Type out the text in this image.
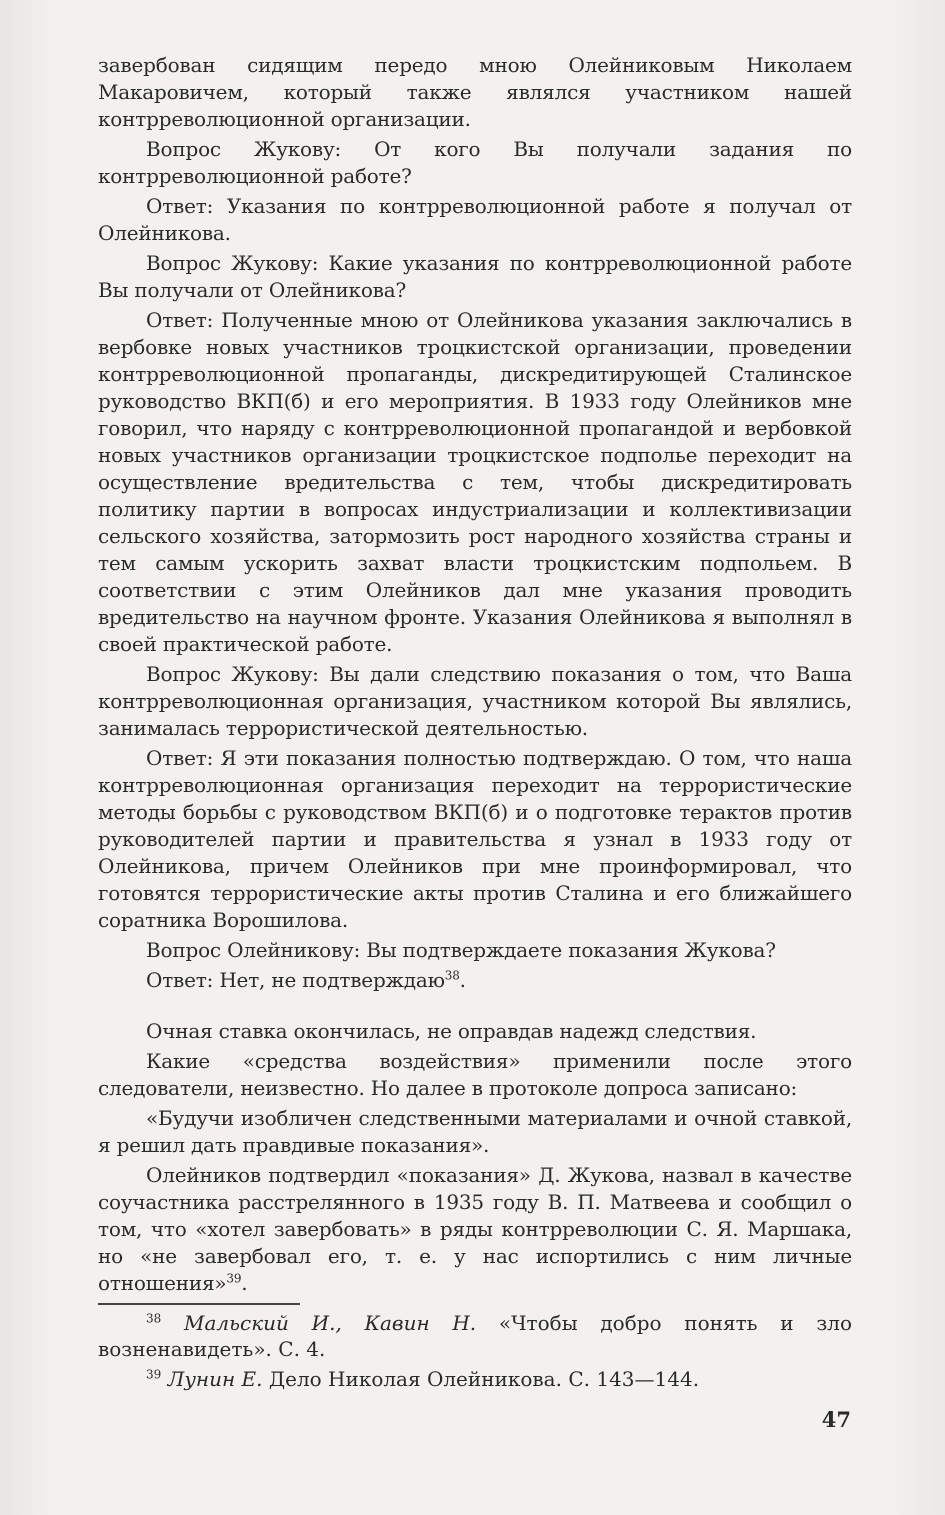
завербован сидящим передо мною Олейниковым Николаем Макаровичем, который также являлся участником нашей контрреволюционной организации.

Вопрос Жукову: От кого Вы получали задания по контрреволюционной работе?

Ответ: Указания по контрреволюционной работе я получал от Олейникова.

Вопрос Жукову: Какие указания по контрреволюционной работе Вы получали от Олейникова?

Ответ: Полученные мною от Олейникова указания заключались в вербовке новых участников троцкистской организации, проведении контрреволюционной пропаганды, дискредитирующей Сталинское руководство ВКП(б) и его мероприятия. В 1933 году Олейников мне говорил, что наряду с контрреволюционной пропагандой и вербовкой новых участников организации троцкистское подполье переходит на осуществление вредительства с тем, чтобы дискредитировать политику партии в вопросах индустриализации и коллективизации сельского хозяйства, затормозить рост народного хозяйства страны и тем самым ускорить захват власти троцкистским подпольем. В соответствии с этим Олейников дал мне указания проводить вредительство на научном фронте. Указания Олейникова я выполнял в своей практической работе.

Вопрос Жукову: Вы дали следствию показания о том, что Ваша контрреволюционная организация, участником которой Вы являлись, занималась террористической деятельностью.

Ответ: Я эти показания полностью подтверждаю. О том, что наша контрреволюционная организация переходит на террористические методы борьбы с руководством ВКП(б) и о подготовке терактов против руководителей партии и правительства я узнал в 1933 году от Олейникова, причем Олейников при мне проинформировал, что готовятся террористические акты против Сталина и его ближайшего соратника Ворошилова.

Вопрос Олейникову: Вы подтверждаете показания Жукова?

Ответ: Нет, не подтверждаю$^{38}$.

Очная ставка окончилась, не оправдав надежд следствия.

Какие «средства воздействия» применили после этого следователи, неизвестно. Но далее в протоколе допроса записано:

«Будучи изобличен следственными материалами и очной ставкой, я решил дать правдивые показания».

Олейников подтвердил «показания» Д. Жукова, назвал в качестве соучастника расстрелянного в 1935 году В. П. Матвеева и сообщил о том, что «хотел завербовать» в ряды контрреволюции С. Я. Маршака, но «не завербовал его, т. е. у нас испортились с ним личные отношения»$^{39}$.

$^{38}$ Мальский И., Кавин Н. «Чтобы добро понять и зло возненавидеть». С. 4.

$^{39}$ Лунин Е. Дело Николая Олейникова. С. 143—144.

47
